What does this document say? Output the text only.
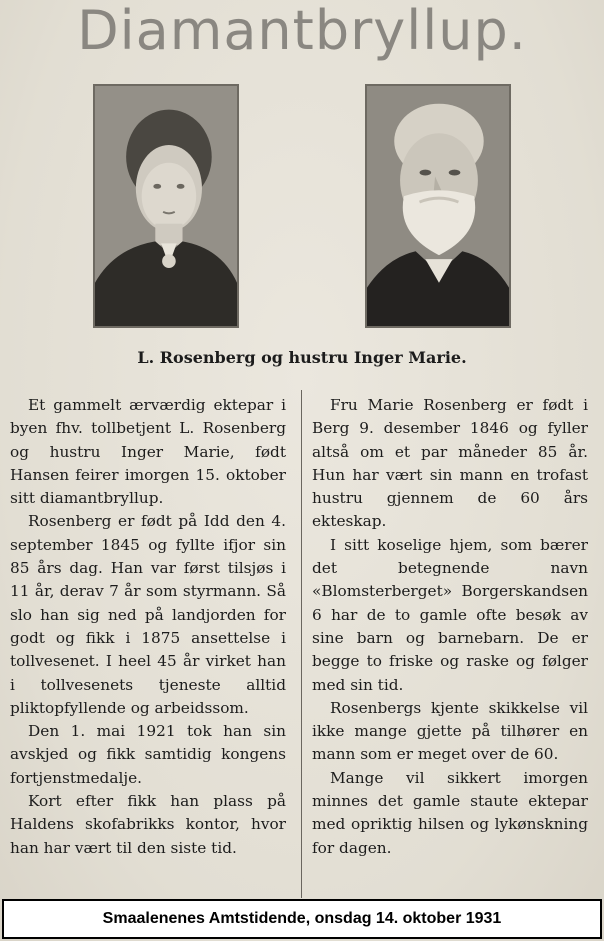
Diamantbryllup.
L. Rosenberg og hustru Inger Marie.

Et gammelt ærværdig ektepar i byen fhv. tollbetjent L. Rosenberg og hustru Inger Marie, født Hansen feirer imorgen 15. oktober sitt diamantbryllup.

Rosenberg er født på Idd den 4. september 1845 og fyllte ifjor sin 85 års dag. Han var først tilsjøs i 11 år, derav 7 år som styrmann. Så slo han sig ned på landjorden for godt og fikk i 1875 ansettelse i tollvesenet. I heel 45 år virket han i tollvesenets tjeneste alltid pliktopfyllende og arbeidssom.

Den 1. mai 1921 tok han sin avskjed og fikk samtidig kongens fortjenstmedalje.

Kort efter fikk han plass på Haldens skofabrikks kontor, hvor han har vært til den siste tid.

Fru Marie Rosenberg er født i Berg 9. desember 1846 og fyller altså om et par måneder 85 år. Hun har vært sin mann en trofast hustru gjennem de 60 års ekteskap.

I sitt koselige hjem, som bærer det betegnende navn «Blomsterberget» Borgerskandsen 6 har de to gamle ofte besøk av sine barn og barnebarn. De er begge to friske og raske og følger med sin tid.

Rosenbergs kjente skikkelse vil ikke mange gjette på tilhører en mann som er meget over de 60.

Mange vil sikkert imorgen minnes det gamle staute ektepar med opriktig hilsen og lykønskning for dagen.

Smaalenenes Amtstidende, onsdag 14. oktober 1931
